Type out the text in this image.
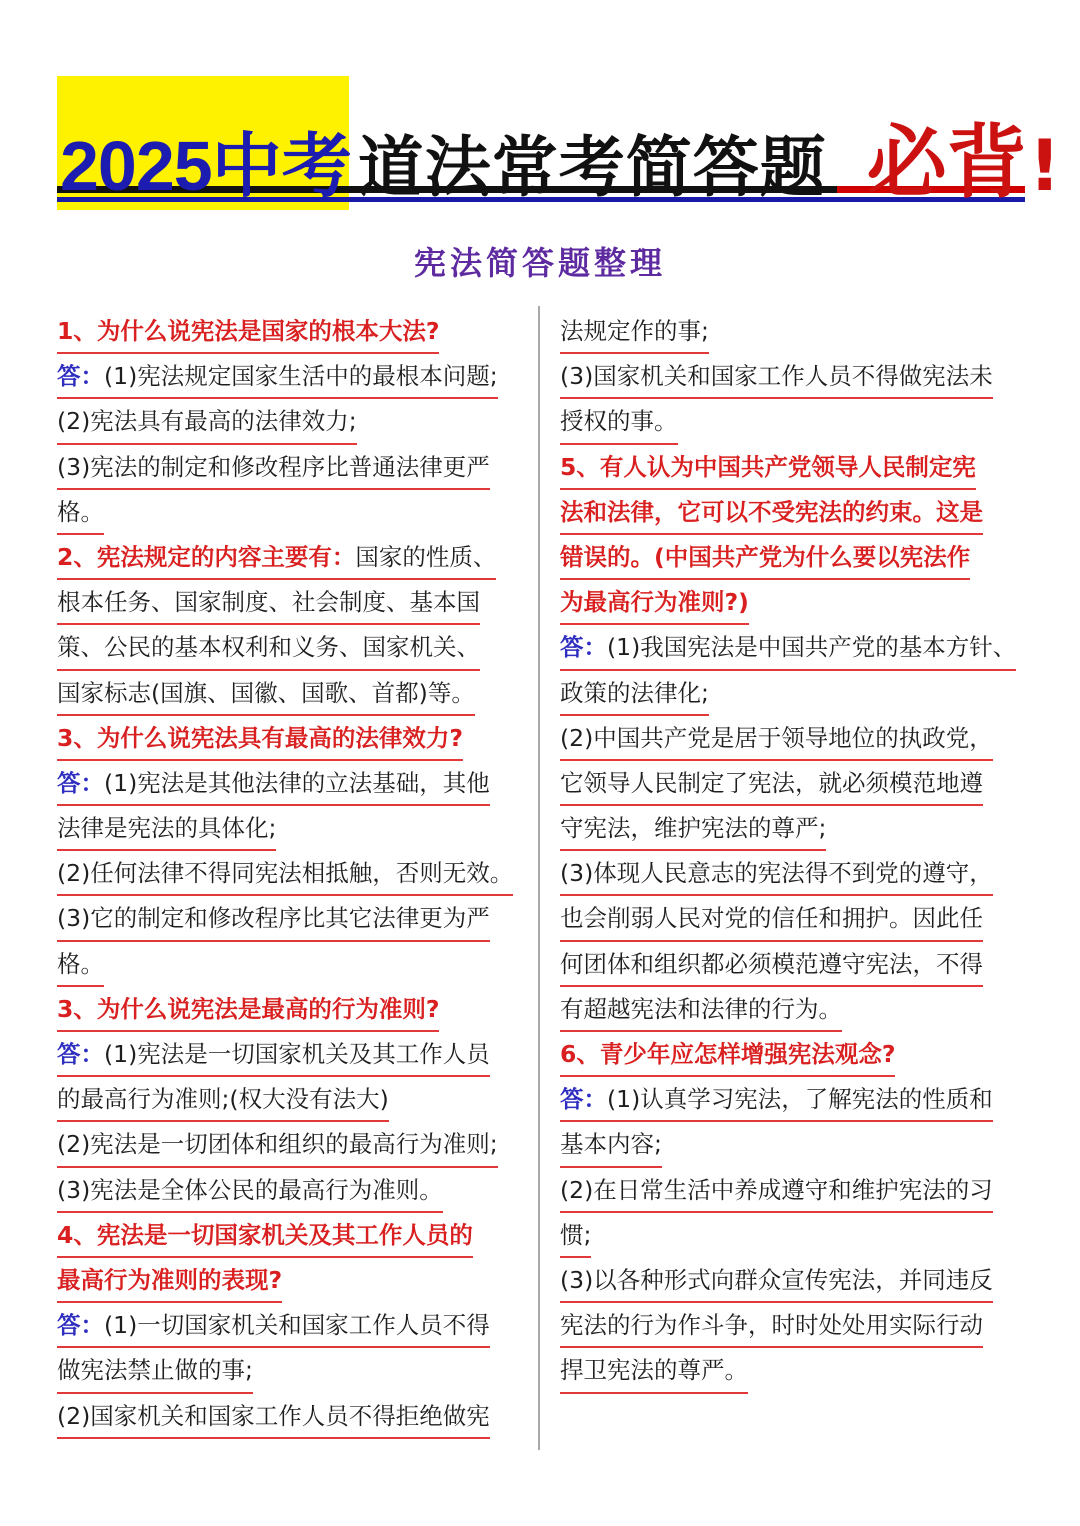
2025 中考 道法常考简答题 必背 !
宪法简答题整理
1、为什么说宪法是国家的根本大法?
答：(1)宪法规定国家生活中的最根本问题;
(2)宪法具有最高的法律效力;
(3)宪法的制定和修改程序比普通法律更严
格。
2、宪法规定的内容主要有：国家的性质、
根本任务、国家制度、社会制度、基本国
策、公民的基本权利和义务、国家机关、
国家标志(国旗、国徽、国歌、首都)等。
3、为什么说宪法具有最高的法律效力?
答：(1)宪法是其他法律的立法基础，其他
法律是宪法的具体化;
(2)任何法律不得同宪法相抵触，否则无效。
(3)它的制定和修改程序比其它法律更为严
格。
3、为什么说宪法是最高的行为准则?
答：(1)宪法是一切国家机关及其工作人员
的最高行为准则;(权大没有法大)
(2)宪法是一切团体和组织的最高行为准则;
(3)宪法是全体公民的最高行为准则。
4、宪法是一切国家机关及其工作人员的
最高行为准则的表现?
答：(1)一切国家机关和国家工作人员不得
做宪法禁止做的事;
(2)国家机关和国家工作人员不得拒绝做宪
法规定作的事;
(3)国家机关和国家工作人员不得做宪法未
授权的事。
5、有人认为中国共产党领导人民制定宪
法和法律，它可以不受宪法的约束。这是
错误的。(中国共产党为什么要以宪法作
为最高行为准则?)
答：(1)我国宪法是中国共产党的基本方针、
政策的法律化;
(2)中国共产党是居于领导地位的执政党，
它领导人民制定了宪法，就必须模范地遵
守宪法，维护宪法的尊严;
(3)体现人民意志的宪法得不到党的遵守，
也会削弱人民对党的信任和拥护。因此任
何团体和组织都必须模范遵守宪法，不得
有超越宪法和法律的行为。
6、青少年应怎样增强宪法观念?
答：(1)认真学习宪法，了解宪法的性质和
基本内容;
(2)在日常生活中养成遵守和维护宪法的习
惯;
(3)以各种形式向群众宣传宪法，并同违反
宪法的行为作斗争，时时处处用实际行动
捍卫宪法的尊严。
